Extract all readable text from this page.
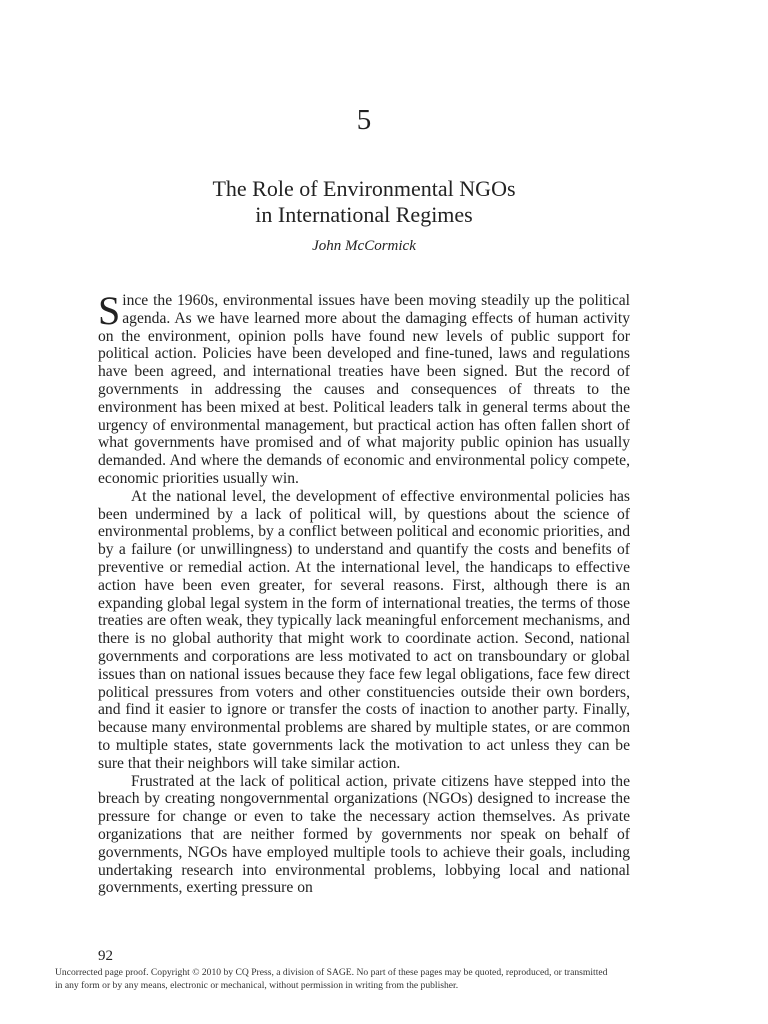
5
The Role of Environmental NGOs
in International Regimes
John McCormick

Since the 1960s, environmental issues have been moving steadily up the political agenda. As we have learned more about the damaging effects of human activity on the environment, opinion polls have found new levels of public support for political action. Policies have been developed and fine-tuned, laws and regulations have been agreed, and international treaties have been signed. But the record of governments in addressing the causes and consequences of threats to the environment has been mixed at best. Political leaders talk in general terms about the urgency of environmental management, but practical action has often fallen short of what governments have promised and of what majority public opinion has usually demanded. And where the demands of economic and environmental policy compete, economic priorities usually win.

At the national level, the development of effective environmental policies has been undermined by a lack of political will, by questions about the science of environmental problems, by a conflict between political and economic priorities, and by a failure (or unwillingness) to understand and quantify the costs and benefits of preventive or remedial action. At the international level, the handicaps to effective action have been even greater, for several reasons. First, although there is an expanding global legal system in the form of international treaties, the terms of those treaties are often weak, they typically lack meaningful enforcement mechanisms, and there is no global authority that might work to coordinate action. Second, national governments and corporations are less motivated to act on transboundary or global issues than on national issues because they face few legal obligations, face few direct political pressures from voters and other constituencies outside their own borders, and find it easier to ignore or transfer the costs of inaction to another party. Finally, because many environmental problems are shared by multiple states, or are common to multiple states, state governments lack the motivation to act unless they can be sure that their neighbors will take similar action.

Frustrated at the lack of political action, private citizens have stepped into the breach by creating nongovernmental organizations (NGOs) designed to increase the pressure for change or even to take the necessary action themselves. As private organizations that are neither formed by governments nor speak on behalf of governments, NGOs have employed multiple tools to achieve their goals, including undertaking research into environmental problems, lobbying local and national governments, exerting pressure on

92
Uncorrected page proof. Copyright © 2010 by CQ Press, a division of SAGE. No part of these pages may be quoted, reproduced, or transmitted
in any form or by any means, electronic or mechanical, without permission in writing from the publisher.
